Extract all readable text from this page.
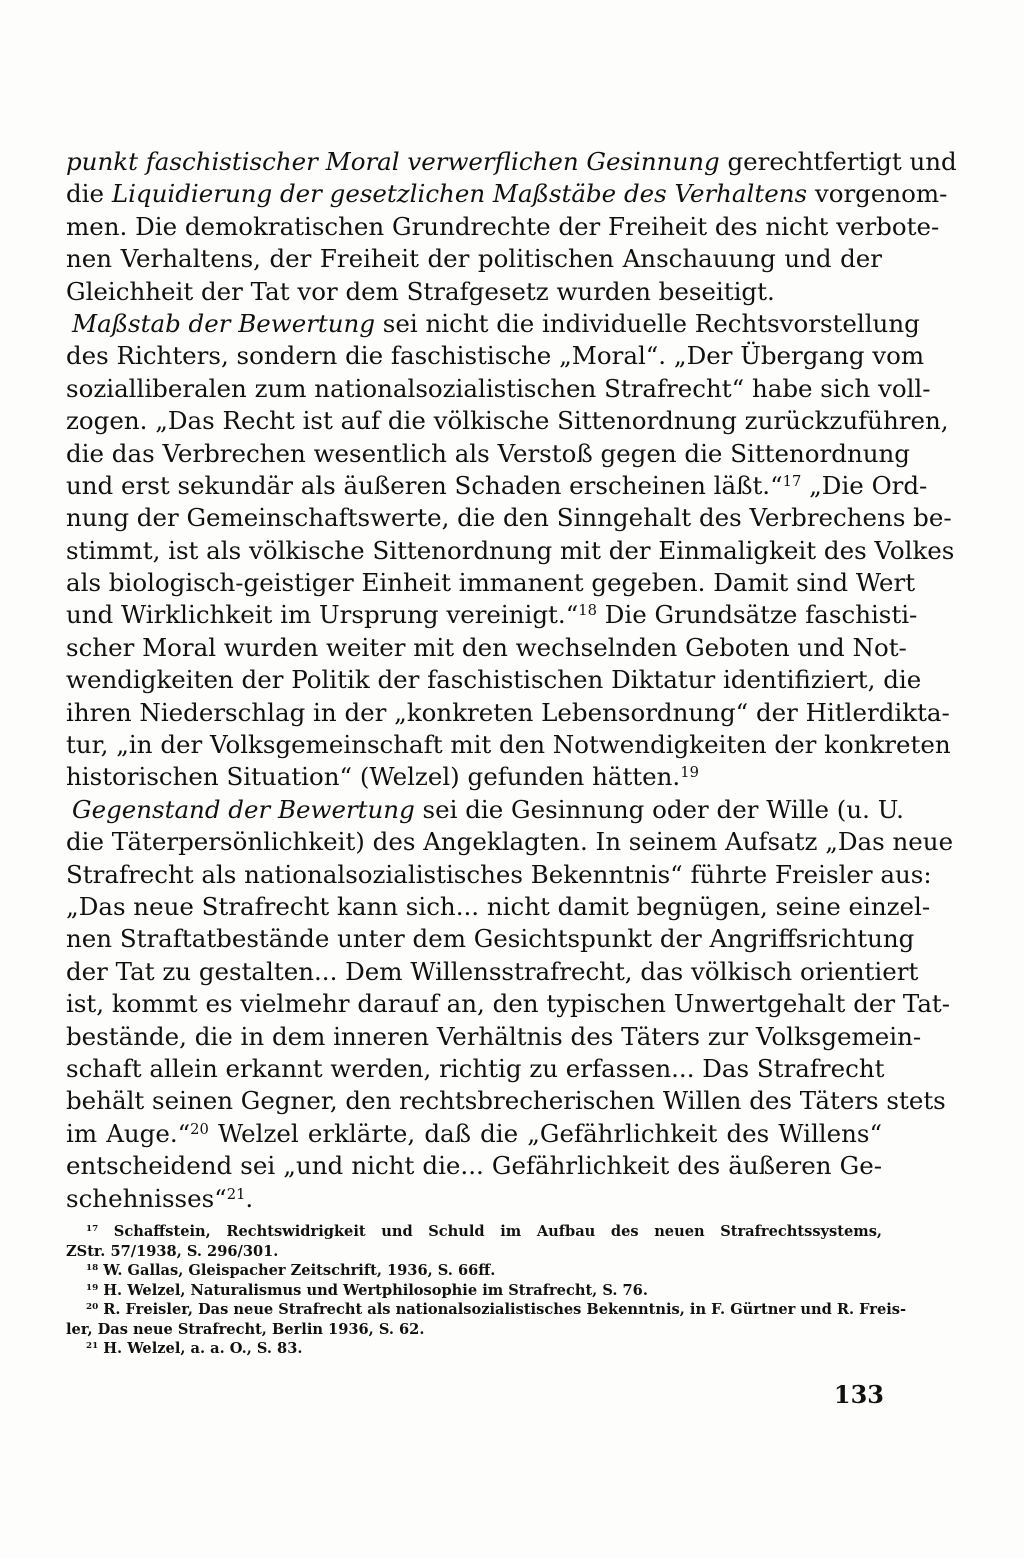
punkt faschistischer Moral verwerflichen Gesinnung gerechtfertigt und
die Liquidierung der gesetzlichen Maßstäbe des Verhaltens vorgenom-
men. Die demokratischen Grundrechte der Freiheit des nicht verbote-
nen Verhaltens, der Freiheit der politischen Anschauung und der
Gleichheit der Tat vor dem Strafgesetz wurden beseitigt.
Maßstab der Bewertung sei nicht die individuelle Rechtsvorstellung
des Richters, sondern die faschistische „Moral“. „Der Übergang vom
sozialliberalen zum nationalsozialistischen Strafrecht“ habe sich voll-
zogen. „Das Recht ist auf die völkische Sittenordnung zurückzuführen,
die das Verbrechen wesentlich als Verstoß gegen die Sittenordnung
und erst sekundär als äußeren Schaden erscheinen läßt.“$^{17}$ „Die Ord-
nung der Gemeinschaftswerte, die den Sinngehalt des Verbrechens be-
stimmt, ist als völkische Sittenordnung mit der Einmaligkeit des Volkes
als biologisch-geistiger Einheit immanent gegeben. Damit sind Wert
und Wirklichkeit im Ursprung vereinigt.“$^{18}$ Die Grundsätze faschisti-
scher Moral wurden weiter mit den wechselnden Geboten und Not-
wendigkeiten der Politik der faschistischen Diktatur identifiziert, die
ihren Niederschlag in der „konkreten Lebensordnung“ der Hitlerdikta-
tur, „in der Volksgemeinschaft mit den Notwendigkeiten der konkreten
historischen Situation“ (Welzel) gefunden hätten.$^{19}$
Gegenstand der Bewertung sei die Gesinnung oder der Wille (u. U.
die Täterpersönlichkeit) des Angeklagten. In seinem Aufsatz „Das neue
Strafrecht als nationalsozialistisches Bekenntnis“ führte Freisler aus:
„Das neue Strafrecht kann sich... nicht damit begnügen, seine einzel-
nen Straftatbestände unter dem Gesichtspunkt der Angriffsrichtung
der Tat zu gestalten... Dem Willensstrafrecht, das völkisch orientiert
ist, kommt es vielmehr darauf an, den typischen Unwertgehalt der Tat-
bestände, die in dem inneren Verhältnis des Täters zur Volksgemein-
schaft allein erkannt werden, richtig zu erfassen... Das Strafrecht
behält seinen Gegner, den rechtsbrecherischen Willen des Täters stets
im Auge.“$^{20}$ Welzel erklärte, daß die „Gefährlichkeit des Willens“
entscheidend sei „und nicht die... Gefährlichkeit des äußeren Ge-
schehnisses“$^{21}$.
$^{17}$ Schaffstein, Rechtswidrigkeit und Schuld im Aufbau des neuen Strafrechtssystems,
ZStr. 57/1938, S. 296/301.
$^{18}$ W. Gallas, Gleispacher Zeitschrift, 1936, S. 66ff.
$^{19}$ H. Welzel, Naturalismus und Wertphilosophie im Strafrecht, S. 76.
$^{20}$ R. Freisler, Das neue Strafrecht als nationalsozialistisches Bekenntnis, in F. Gürtner und R. Freis-
ler, Das neue Strafrecht, Berlin 1936, S. 62.
$^{21}$ H. Welzel, a. a. O., S. 83.
133
